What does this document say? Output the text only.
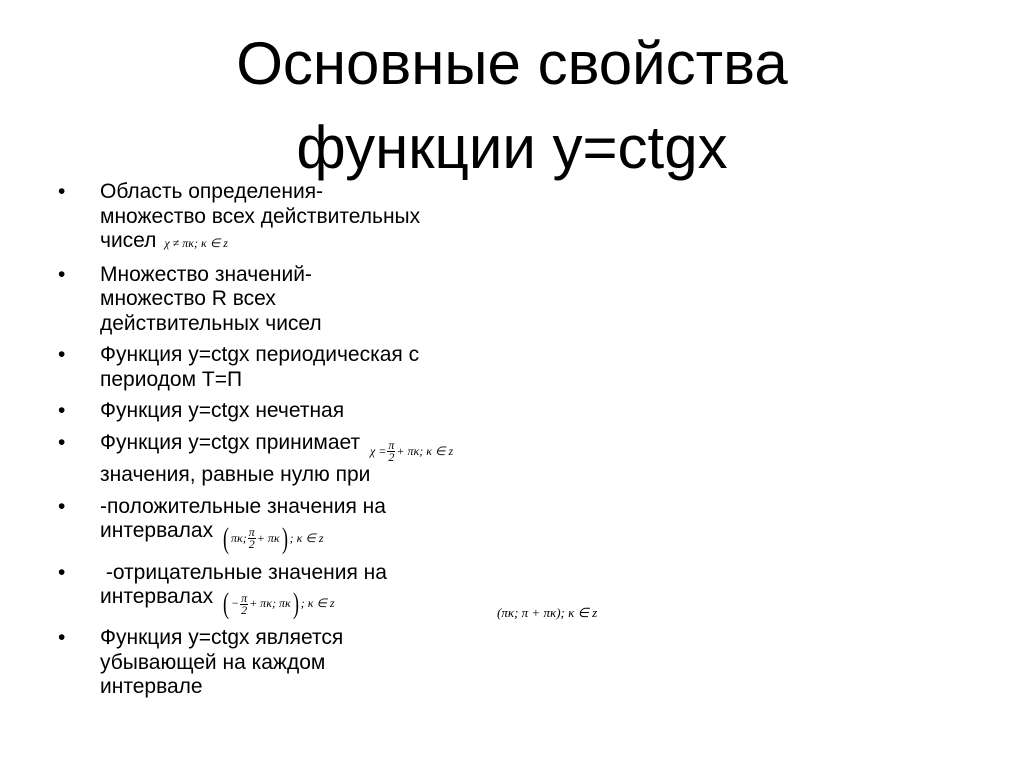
Основные свойства
функции y=ctgx
• Область определения-
множество всех действительных
чисел χ ≠ πκ; κ ∈ z
• Множество значений-
множество R всех
действительных чисел
• Функция y=ctgx периодическая с
периодом T=П
• Функция y=ctgx нечетная
• Функция y=ctgx принимает $\chi = \frac{\pi}{2} + \pi\kappa$; κ ∈ z
значения, равные нулю при
• -положительные значения на
интервалах ( πκ; $\frac{\pi}{2} + \pi\kappa$) ; κ ∈ z
• -отрицательные значения на
интервалах ( − $\frac{\pi}{2} + \pi\kappa$; πκ) ; κ ∈ z
• Функция y=ctgx является
убывающей на каждом
интервале
(πκ; π + πκ); κ ∈ z
